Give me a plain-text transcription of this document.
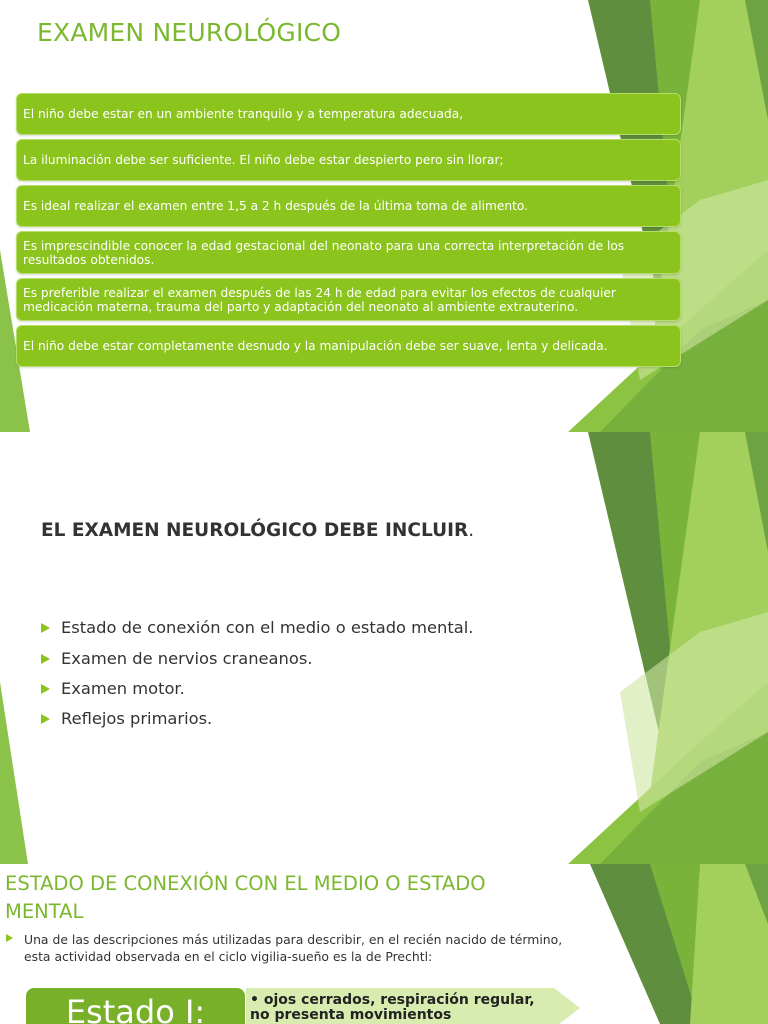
EXAMEN NEUROLÓGICO
El niño debe estar en un ambiente tranquilo y a temperatura adecuada,
La iluminación debe ser suficiente. El niño debe estar despierto pero sin llorar;
Es ideal realizar el examen entre 1,5 a 2 h después de la última toma de alimento.
Es imprescindible conocer la edad gestacional del neonato para una correcta interpretación de los resultados obtenidos.
Es preferible realizar el examen después de las 24 h de edad para evitar los efectos de cualquier medicación materna, trauma del parto y adaptación del neonato al ambiente extrauterino.
El niño debe estar completamente desnudo y la manipulación debe ser suave, lenta y delicada.
EL EXAMEN NEUROLÓGICO DEBE INCLUIR.
Estado de conexión con el medio o estado mental.
Examen de nervios craneanos.
Examen motor.
Reflejos primarios.
ESTADO DE CONEXIÓN CON EL MEDIO O ESTADO MENTAL
Una de las descripciones más utilizadas para describir, en el recién nacido de término, esta actividad observada en el ciclo vigilia-sueño es la de Prechtl:
Estado I:	• ojos cerrados, respiración regular, no presenta movimientos
